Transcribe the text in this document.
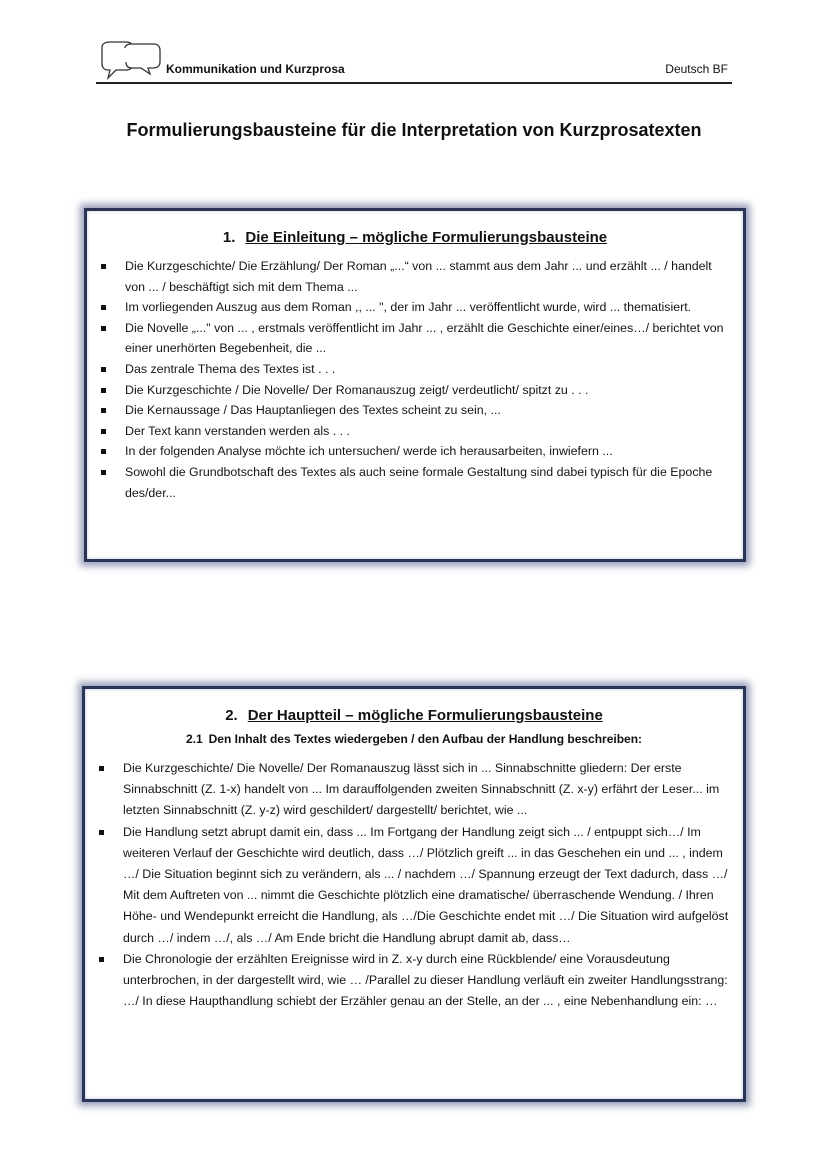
Kommunikation und Kurzprosa	Deutsch BF
Formulierungsbausteine für die Interpretation von Kurzprosatexten
1. Die Einleitung – mögliche Formulierungsbausteine
Die Kurzgeschichte/ Die Erzählung/ Der Roman „...“ von ... stammt aus dem Jahr ... und erzählt ... / handelt von ... / beschäftigt sich mit dem Thema ...
Im vorliegenden Auszug aus dem Roman ,, ... ", der im Jahr ... veröffentlicht wurde, wird ... thematisiert.
Die Novelle „..." von ... , erstmals veröffentlicht im Jahr ... , erzählt die Geschichte einer/eines…/ berichtet von einer unerhörten Begebenheit, die ...
Das zentrale Thema des Textes ist . . .
Die Kurzgeschichte / Die Novelle/ Der Romanauszug zeigt/ verdeutlicht/ spitzt zu . . .
Die Kernaussage / Das Hauptanliegen des Textes scheint zu sein, ...
Der Text kann verstanden werden als . . .
In der folgenden Analyse möchte ich untersuchen/ werde ich herausarbeiten, inwiefern ...
Sowohl die Grundbotschaft des Textes als auch seine formale Gestaltung sind dabei typisch für die Epoche des/der...
2. Der Hauptteil – mögliche Formulierungsbausteine
2.1 Den Inhalt des Textes wiedergeben / den Aufbau der Handlung beschreiben:
Die Kurzgeschichte/ Die Novelle/ Der Romanauszug lässt sich in ... Sinnabschnitte gliedern: Der erste Sinnabschnitt (Z. 1-x) handelt von ... Im darauffolgenden zweiten Sinnabschnitt (Z. x-y) erfährt der Leser... im letzten Sinnabschnitt (Z. y-z) wird geschildert/ dargestellt/ berichtet, wie ...
Die Handlung setzt abrupt damit ein, dass ... Im Fortgang der Handlung zeigt sich ... / entpuppt sich…/ Im weiteren Verlauf der Geschichte wird deutlich, dass …/ Plötzlich greift ... in das Geschehen ein und ... , indem …/ Die Situation beginnt sich zu verändern, als ... / nachdem …/ Spannung erzeugt der Text dadurch, dass …/ Mit dem Auftreten von ... nimmt die Geschichte plötzlich eine dramatische/ überraschende Wendung. / Ihren Höhe- und Wendepunkt erreicht die Handlung, als …/Die Geschichte endet mit …/ Die Situation wird aufgelöst durch …/ indem …/, als …/ Am Ende bricht die Handlung abrupt damit ab, dass…
Die Chronologie der erzählten Ereignisse wird in Z. x-y durch eine Rückblende/ eine Vorausdeutung unterbrochen, in der dargestellt wird, wie … /Parallel zu dieser Handlung verläuft ein zweiter Handlungsstrang: …/ In diese Haupthandlung schiebt der Erzähler genau an der Stelle, an der ... , eine Nebenhandlung ein: …
